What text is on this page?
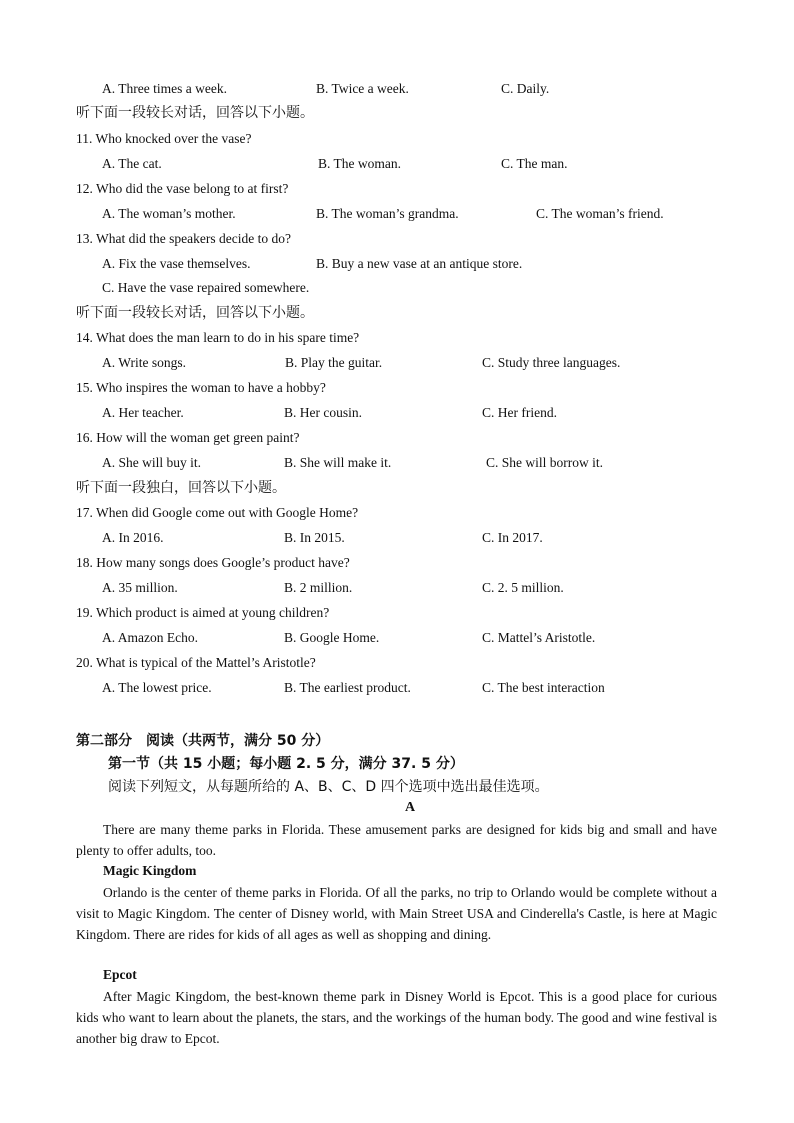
A. Three times a week.	B. Twice a week.	C. Daily.
听下面一段较长对话，回答以下小题。
11. Who knocked over the vase?
A. The cat.	B. The woman.	C. The man.
12. Who did the vase belong to at first?
A. The woman’s mother.	B. The woman’s grandma.	C. The woman’s friend.
13. What did the speakers decide to do?
A. Fix the vase themselves.	B. Buy a new vase at an antique store.
C. Have the vase repaired somewhere.
听下面一段较长对话，回答以下小题。
14. What does the man learn to do in his spare time?
A. Write songs.	B. Play the guitar.	C. Study three languages.
15. Who inspires the woman to have a hobby?
A. Her teacher.	B. Her cousin.	C. Her friend.
16. How will the woman get green paint?
A. She will buy it.	B. She will make it.	C. She will borrow it.
听下面一段独白，回答以下小题。
17. When did Google come out with Google Home?
A. In 2016.	B. In 2015.	C. In 2017.
18. How many songs does Google’s product have?
A. 35 million.	B. 2 million.	C. 2. 5 million.
19. Which product is aimed at young children?
A. Amazon Echo.	B. Google Home.	C. Mattel’s Aristotle.
20. What is typical of the Mattel’s Aristotle?
A. The lowest price.	B. The earliest product.	C. The best interaction
第二部分　阅读（共两节，满分 50 分）
第一节（共 15 小题；每小题 2. 5 分，满分 37. 5 分）
阅读下列短文，从每题所给的 A、B、C、D 四个选项中选出最佳选项。
A
There are many theme parks in Florida. These amusement parks are designed for kids big and small and have plenty to offer adults, too.
Magic Kingdom
Orlando is the center of theme parks in Florida. Of all the parks, no trip to Orlando would be complete without a visit to Magic Kingdom. The center of Disney world, with Main Street USA and Cinderella's Castle, is here at Magic Kingdom. There are rides for kids of all ages as well as shopping and dining.
Epcot
After Magic Kingdom, the best-known theme park in Disney World is Epcot. This is a good place for curious kids who want to learn about the planets, the stars, and the workings of the human body. The good and wine festival is another big draw to Epcot.
